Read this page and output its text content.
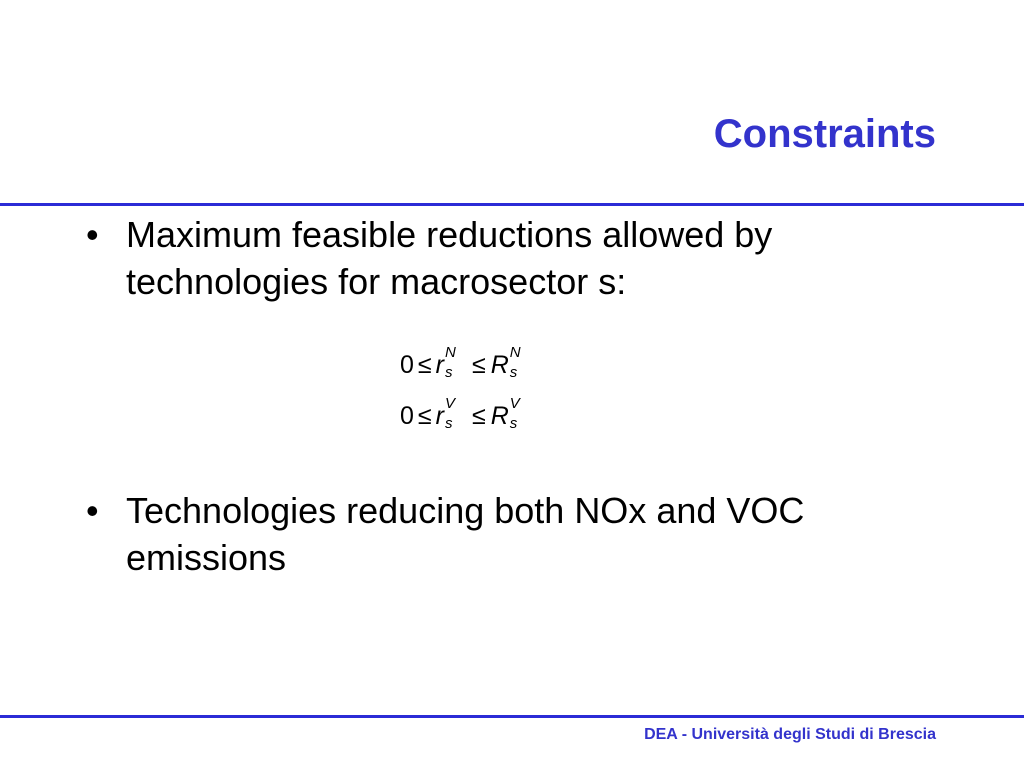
Constraints
• Maximum feasible reductions allowed by technologies for macrosector s:
0 ≤ r N
s ≤ R N
s
0 ≤ r V
s ≤ R V
s
• Technologies reducing both NOx and VOC emissions
DEA - Università degli Studi di Brescia
